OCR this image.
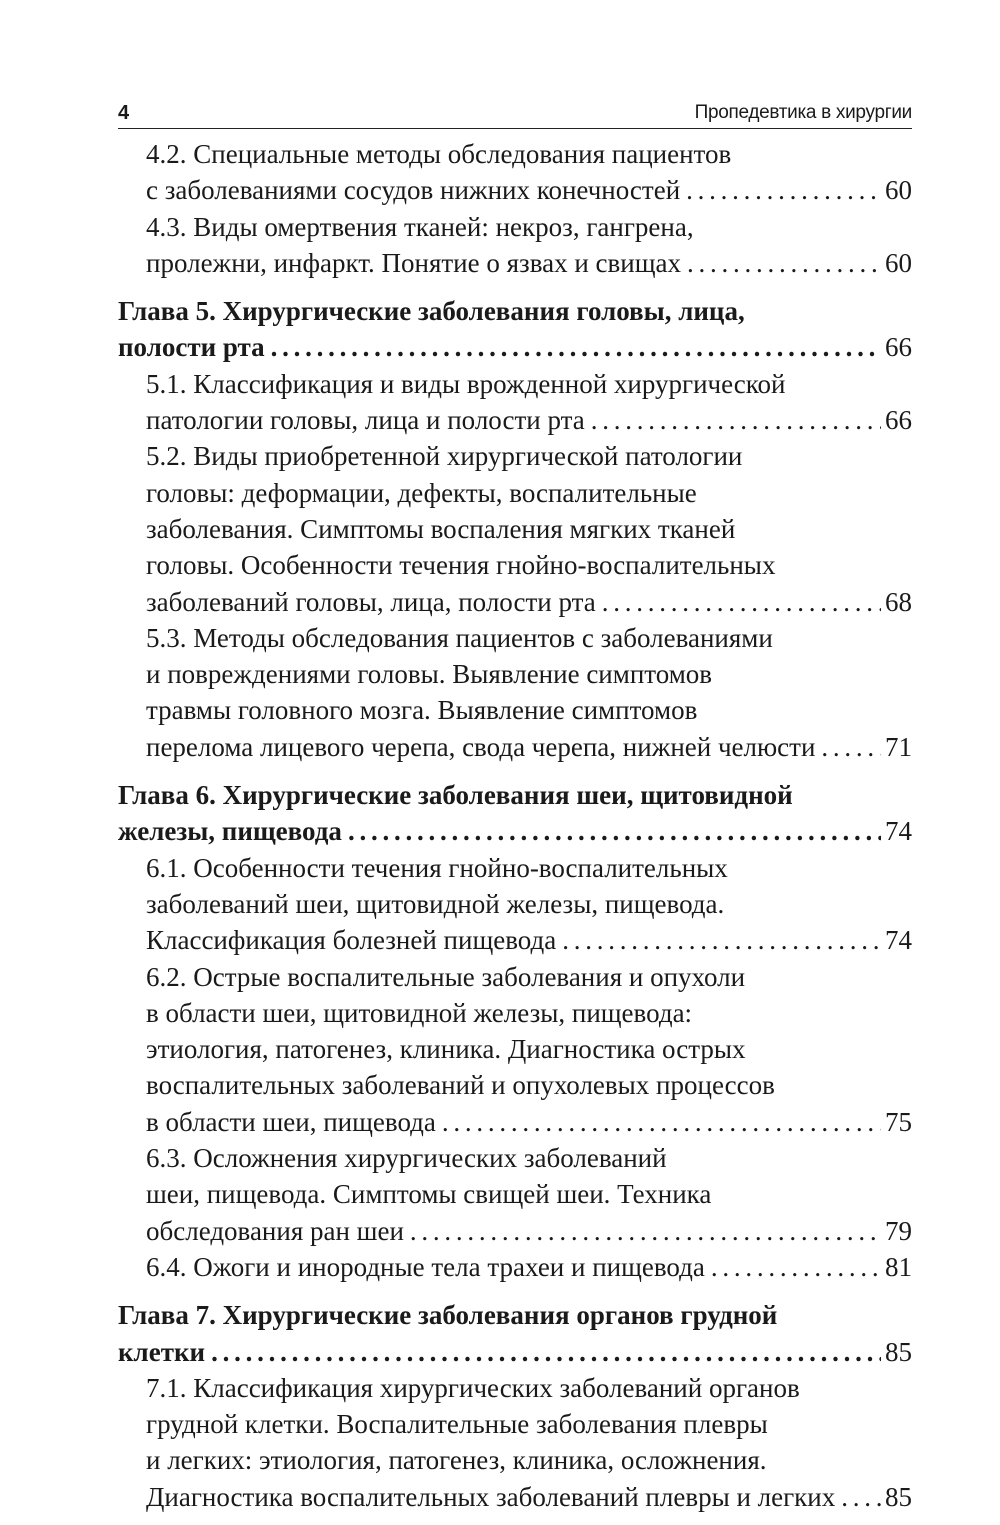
4	Пропедевтика в хирургии
4.2. Специальные методы обследования пациентов
с заболеваниями сосудов нижних конечностей . . .	60
4.3. Виды омертвения тканей: некроз, гангрена,
пролежни, инфаркт. Понятие о язвах и свищах . . .	60
Глава 5. Хирургические заболевания головы, лица,
полости рта . . .	66
5.1. Классификация и виды врожденной хирургической
патологии головы, лица и полости рта . . .	66
5.2. Виды приобретенной хирургической патологии
головы: деформации, дефекты, воспалительные
заболевания. Симптомы воспаления мягких тканей
головы. Особенности течения гнойно-воспалительных
заболеваний головы, лица, полости рта . . .	68
5.3. Методы обследования пациентов с заболеваниями
и повреждениями головы. Выявление симптомов
травмы головного мозга. Выявление симптомов
перелома лицевого черепа, свода черепа, нижней челюсти . . .	71
Глава 6. Хирургические заболевания шеи, щитовидной
железы, пищевода . . .	74
6.1. Особенности течения гнойно-воспалительных
заболеваний шеи, щитовидной железы, пищевода.
Классификация болезней пищевода . . .	74
6.2. Острые воспалительные заболевания и опухоли
в области шеи, щитовидной железы, пищевода:
этиология, патогенез, клиника. Диагностика острых
воспалительных заболеваний и опухолевых процессов
в области шеи, пищевода . . .	75
6.3. Осложнения хирургических заболеваний
шеи, пищевода. Симптомы свищей шеи. Техника
обследования ран шеи . . .	79
6.4. Ожоги и инородные тела трахеи и пищевода . . .	81
Глава 7. Хирургические заболевания органов грудной
клетки . . .	85
7.1. Классификация хирургических заболеваний органов
грудной клетки. Воспалительные заболевания плевры
и легких: этиология, патогенез, клиника, осложнения.
Диагностика воспалительных заболеваний плевры и легких . . . 85
